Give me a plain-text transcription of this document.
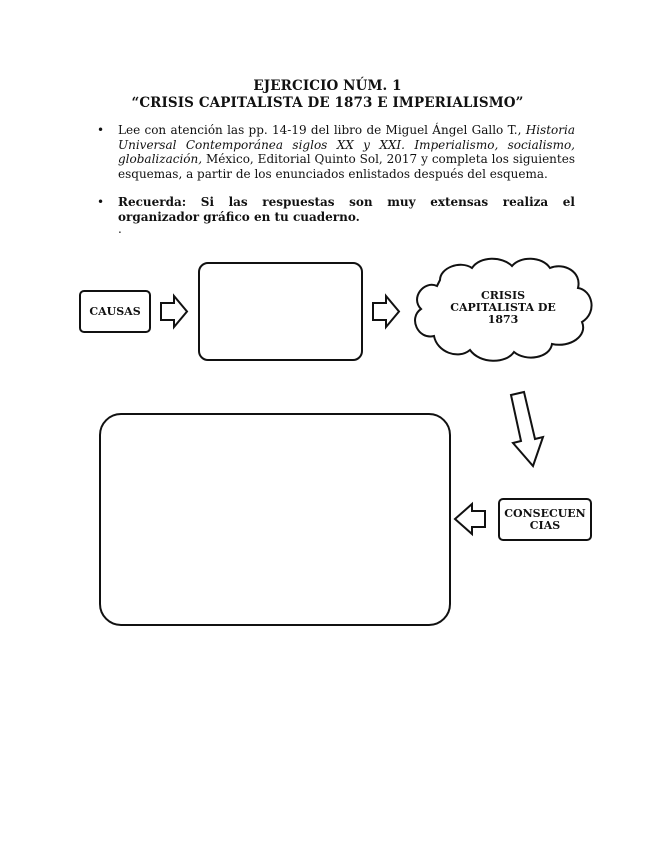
EJERCICIO NÚM. 1
“CRISIS CAPITALISTA DE 1873 E IMPERIALISMO”
• Lee con atención las pp. 14-19 del libro de Miguel Ángel Gallo T., Historia Universal Contemporánea siglos XX y XXI. Imperialismo, socialismo, globalización, México, Editorial Quinto Sol, 2017 y completa los siguientes esquemas, a partir de los enunciados enlistados después del esquema.
• Recuerda: Si las respuestas son muy extensas realiza el organizador gráfico en tu cuaderno.
.
CAUSAS
CRISIS
CAPITALISTA DE
1873
CONSECUEN CIAS
